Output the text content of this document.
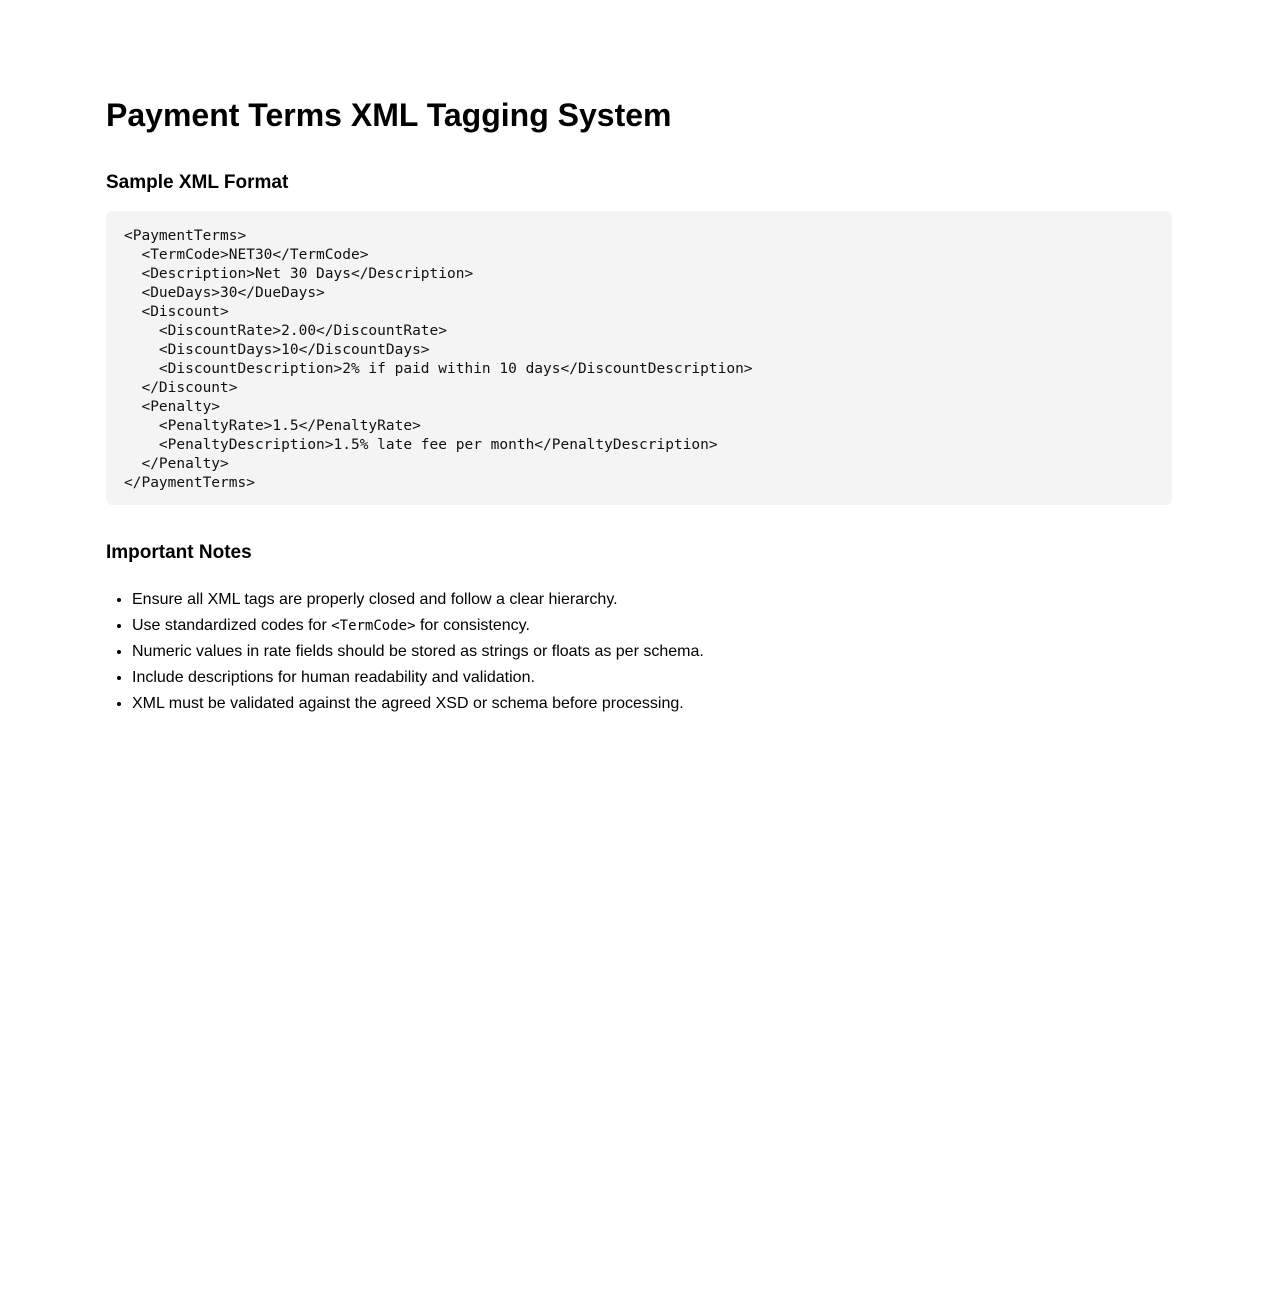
Payment Terms XML Tagging System
Sample XML Format
<PaymentTerms>
<TermCode>NET30</TermCode>
<Description>Net 30 Days</Description>
<DueDays>30</DueDays>
<Discount>
<DiscountRate>2.00</DiscountRate>
<DiscountDays>10</DiscountDays>
<DiscountDescription>2% if paid within 10 days</DiscountDescription>
</Discount>
<Penalty>
<PenaltyRate>1.5</PenaltyRate>
<PenaltyDescription>1.5% late fee per month</PenaltyDescription>
</Penalty>
</PaymentTerms>
Important Notes
• Ensure all XML tags are properly closed and follow a clear hierarchy.
• Use standardized codes for <TermCode> for consistency.
• Numeric values in rate fields should be stored as strings or floats as per schema.
• Include descriptions for human readability and validation.
• XML must be validated against the agreed XSD or schema before processing.
